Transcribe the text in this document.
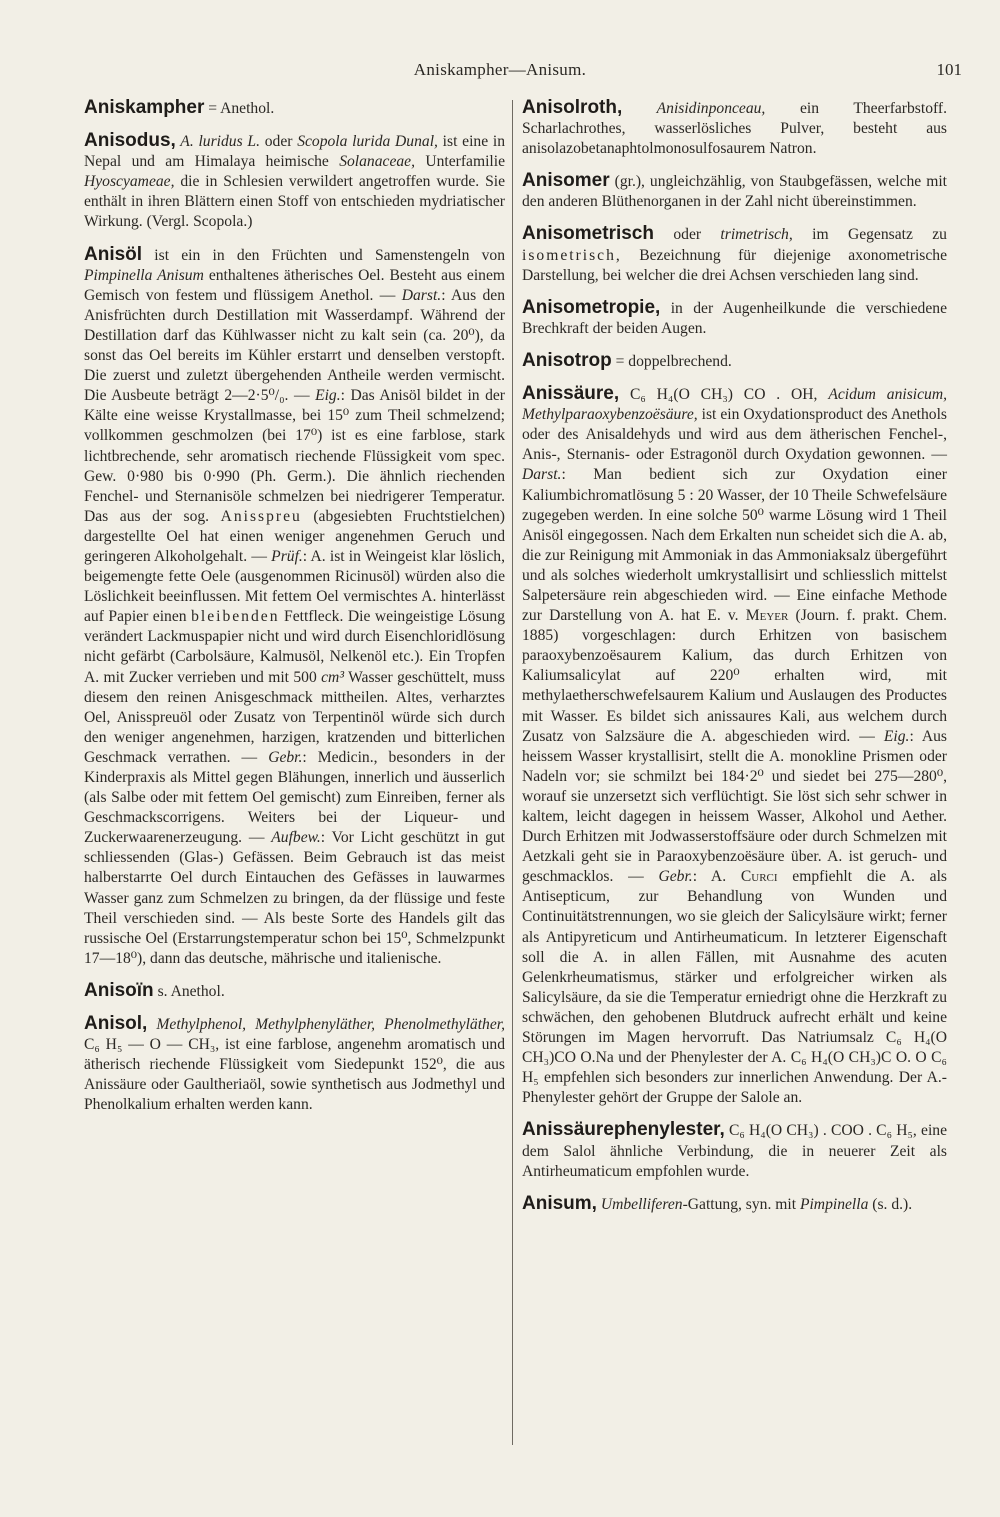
Aniskampher—Anisum.	101

Aniskampher = Anethol.

Anisodus, A. luridus L. oder Scopola lurida Dunal, ist eine in Nepal und am Himalaya heimische Solanaceae, Unterfamilie Hyoscyameae, die in Schlesien verwildert angetroffen wurde. Sie enthält in ihren Blättern einen Stoff von entschieden mydriatischer Wirkung. (Vergl. Scopola.)

Anisöl ist ein in den Früchten und Samenstengeln von Pimpinella Anisum enthaltenes ätherisches Oel. Besteht aus einem Gemisch von festem und flüssigem Anethol. — Darst.: Aus den Anisfrüchten durch Destillation mit Wasserdampf. Während der Destillation darf das Kühlwasser nicht zu kalt sein (ca. 20⁰), da sonst das Oel bereits im Kühler erstarrt und denselben verstopft. Die zuerst und zuletzt übergehenden Antheile werden vermischt. Die Ausbeute beträgt 2—2·5⁰/₀. — Eig.: Das Anisöl bildet in der Kälte eine weisse Krystallmasse, bei 15⁰ zum Theil schmelzend; vollkommen geschmolzen (bei 17⁰) ist es eine farblose, stark lichtbrechende, sehr aromatisch riechende Flüssigkeit vom spec. Gew. 0·980 bis 0·990 (Ph. Germ.). Die ähnlich riechenden Fenchel- und Sternanisöle schmelzen bei niedrigerer Temperatur. Das aus der sog. Anisspreu (abgesiebten Fruchtstielchen) dargestellte Oel hat einen weniger angenehmen Geruch und geringeren Alkoholgehalt. — Prüf.: A. ist in Weingeist klar löslich, beigemengte fette Oele (ausgenommen Ricinusöl) würden also die Löslichkeit beeinflussen. Mit fettem Oel vermischtes A. hinterlässt auf Papier einen bleibenden Fettfleck. Die weingeistige Lösung verändert Lackmuspapier nicht und wird durch Eisenchloridlösung nicht gefärbt (Carbolsäure, Kalmusöl, Nelkenöl etc.). Ein Tropfen A. mit Zucker verrieben und mit 500 cm³ Wasser geschüttelt, muss diesem den reinen Anisgeschmack mittheilen. Altes, verharztes Oel, Anisspreuöl oder Zusatz von Terpentinöl würde sich durch den weniger angenehmen, harzigen, kratzenden und bitterlichen Geschmack verrathen. — Gebr.: Medicin., besonders in der Kinderpraxis als Mittel gegen Blähungen, innerlich und äusserlich (als Salbe oder mit fettem Oel gemischt) zum Einreiben, ferner als Geschmackscorrigens. Weiters bei der Liqueur- und Zuckerwaarenerzeugung. — Aufbew.: Vor Licht geschützt in gut schliessenden (Glas-) Gefässen. Beim Gebrauch ist das meist halberstarrte Oel durch Eintauchen des Gefässes in lauwarmes Wasser ganz zum Schmelzen zu bringen, da der flüssige und feste Theil verschieden sind. — Als beste Sorte des Handels gilt das russische Oel (Erstarrungstemperatur schon bei 15⁰, Schmelzpunkt 17—18⁰), dann das deutsche, mährische und italienische.

Anisoïn s. Anethol.

Anisol, Methylphenol, Methylphenyläther, Phenolmethyläther, C₆ H₅ — O — CH₃, ist eine farblose, angenehm aromatisch und ätherisch riechende Flüssigkeit vom Siedepunkt 152⁰, die aus Anissäure oder Gaultheriaöl, sowie synthetisch aus Jodmethyl und Phenolkalium erhalten werden kann.

Anisolroth, Anisidinponceau, ein Theerfarbstoff. Scharlachrothes, wasserlösliches Pulver, besteht aus anisolazobetanaphtolmonosulfosaurem Natron.

Anisomer (gr.), ungleichzählig, von Staubgefässen, welche mit den anderen Blüthenorganen in der Zahl nicht übereinstimmen.

Anisometrisch oder trimetrisch, im Gegensatz zu isometrisch, Bezeichnung für diejenige axonometrische Darstellung, bei welcher die drei Achsen verschieden lang sind.

Anisometropie, in der Augenheilkunde die verschiedene Brechkraft der beiden Augen.

Anisotrop = doppelbrechend.

Anissäure, C₆ H₄(O CH₃) CO . OH, Acidum anisicum, Methylparaoxybenzoësäure, ist ein Oxydationsproduct des Anethols oder des Anisaldehyds und wird aus dem ätherischen Fenchel-, Anis-, Sternanis- oder Estragonöl durch Oxydation gewonnen. — Darst.: Man bedient sich zur Oxydation einer Kaliumbichromatlösung 5 : 20 Wasser, der 10 Theile Schwefelsäure zugegeben werden. In eine solche 50⁰ warme Lösung wird 1 Theil Anisöl eingegossen. Nach dem Erkalten nun scheidet sich die A. ab, die zur Reinigung mit Ammoniak in das Ammoniaksalz übergeführt und als solches wiederholt umkrystallisirt und schliesslich mittelst Salpetersäure rein abgeschieden wird. — Eine einfache Methode zur Darstellung von A. hat E. v. Meyer (Journ. f. prakt. Chem. 1885) vorgeschlagen: durch Erhitzen von basischem paraoxybenzoësaurem Kalium, das durch Erhitzen von Kaliumsalicylat auf 220⁰ erhalten wird, mit methylaetherschwefelsaurem Kalium und Auslaugen des Productes mit Wasser. Es bildet sich anissaures Kali, aus welchem durch Zusatz von Salzsäure die A. abgeschieden wird. — Eig.: Aus heissem Wasser krystallisirt, stellt die A. monokline Prismen oder Nadeln vor; sie schmilzt bei 184·2⁰ und siedet bei 275—280⁰, worauf sie unzersetzt sich verflüchtigt. Sie löst sich sehr schwer in kaltem, leicht dagegen in heissem Wasser, Alkohol und Aether. Durch Erhitzen mit Jodwasserstoffsäure oder durch Schmelzen mit Aetzkali geht sie in Paraoxybenzoësäure über. A. ist geruch- und geschmacklos. — Gebr.: A. Curci empfiehlt die A. als Antisepticum, zur Behandlung von Wunden und Continuitätstrennungen, wo sie gleich der Salicylsäure wirkt; ferner als Antipyreticum und Antirheumaticum. In letzterer Eigenschaft soll die A. in allen Fällen, mit Ausnahme des acuten Gelenkrheumatismus, stärker und erfolgreicher wirken als Salicylsäure, da sie die Temperatur erniedrigt ohne die Herzkraft zu schwächen, den gehobenen Blutdruck aufrecht erhält und keine Störungen im Magen hervorruft. Das Natriumsalz C₆ H₄(O CH₃)CO O.Na und der Phenylester der A. C₆ H₄(O CH₃)C O. O C₆ H₅ empfehlen sich besonders zur innerlichen Anwendung. Der A.-Phenylester gehört der Gruppe der Salole an.

Anissäurephenylester, C₆ H₄(O CH₃) . COO . C₆ H₅, eine dem Salol ähnliche Verbindung, die in neuerer Zeit als Antirheumaticum empfohlen wurde.

Anisum, Umbelliferen-Gattung, syn. mit Pimpinella (s. d.).
